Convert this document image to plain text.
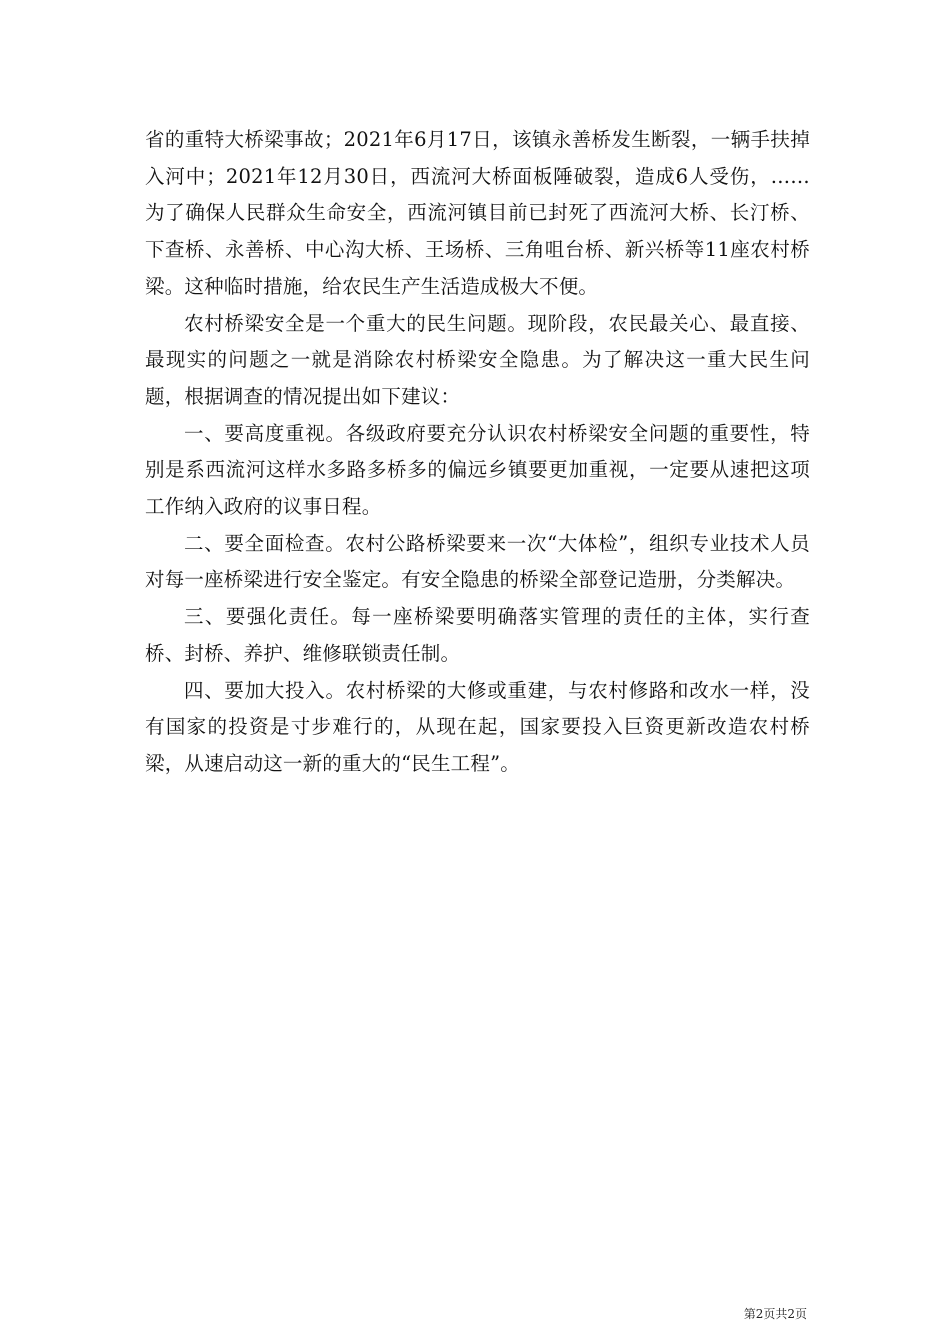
省的重特大桥梁事故；2021年6月17日，该镇永善桥发生断裂，一辆手扶掉入河中；2021年12月30日，西流河大桥面板陲破裂，造成6人受伤，……为了确保人民群众生命安全，西流河镇目前已封死了西流河大桥、长汀桥、下查桥、永善桥、中心沟大桥、王场桥、三角咀台桥、新兴桥等11座农村桥梁。这种临时措施，给农民生产生活造成极大不便。

农村桥梁安全是一个重大的民生问题。现阶段，农民最关心、最直接、最现实的问题之一就是消除农村桥梁安全隐患。为了解决这一重大民生问题，根据调查的情况提出如下建议：

一、要高度重视。各级政府要充分认识农村桥梁安全问题的重要性，特别是系西流河这样水多路多桥多的偏远乡镇要更加重视，一定要从速把这项工作纳入政府的议事日程。

二、要全面检查。农村公路桥梁要来一次“大体检”，组织专业技术人员对每一座桥梁进行安全鉴定。有安全隐患的桥梁全部登记造册，分类解决。

三、要强化责任。每一座桥梁要明确落实管理的责任的主体，实行查桥、封桥、养护、维修联锁责任制。

四、要加大投入。农村桥梁的大修或重建，与农村修路和改水一样，没有国家的投资是寸步难行的，从现在起，国家要投入巨资更新改造农村桥梁，从速启动这一新的重大的“民生工程”。

第2页共2页
